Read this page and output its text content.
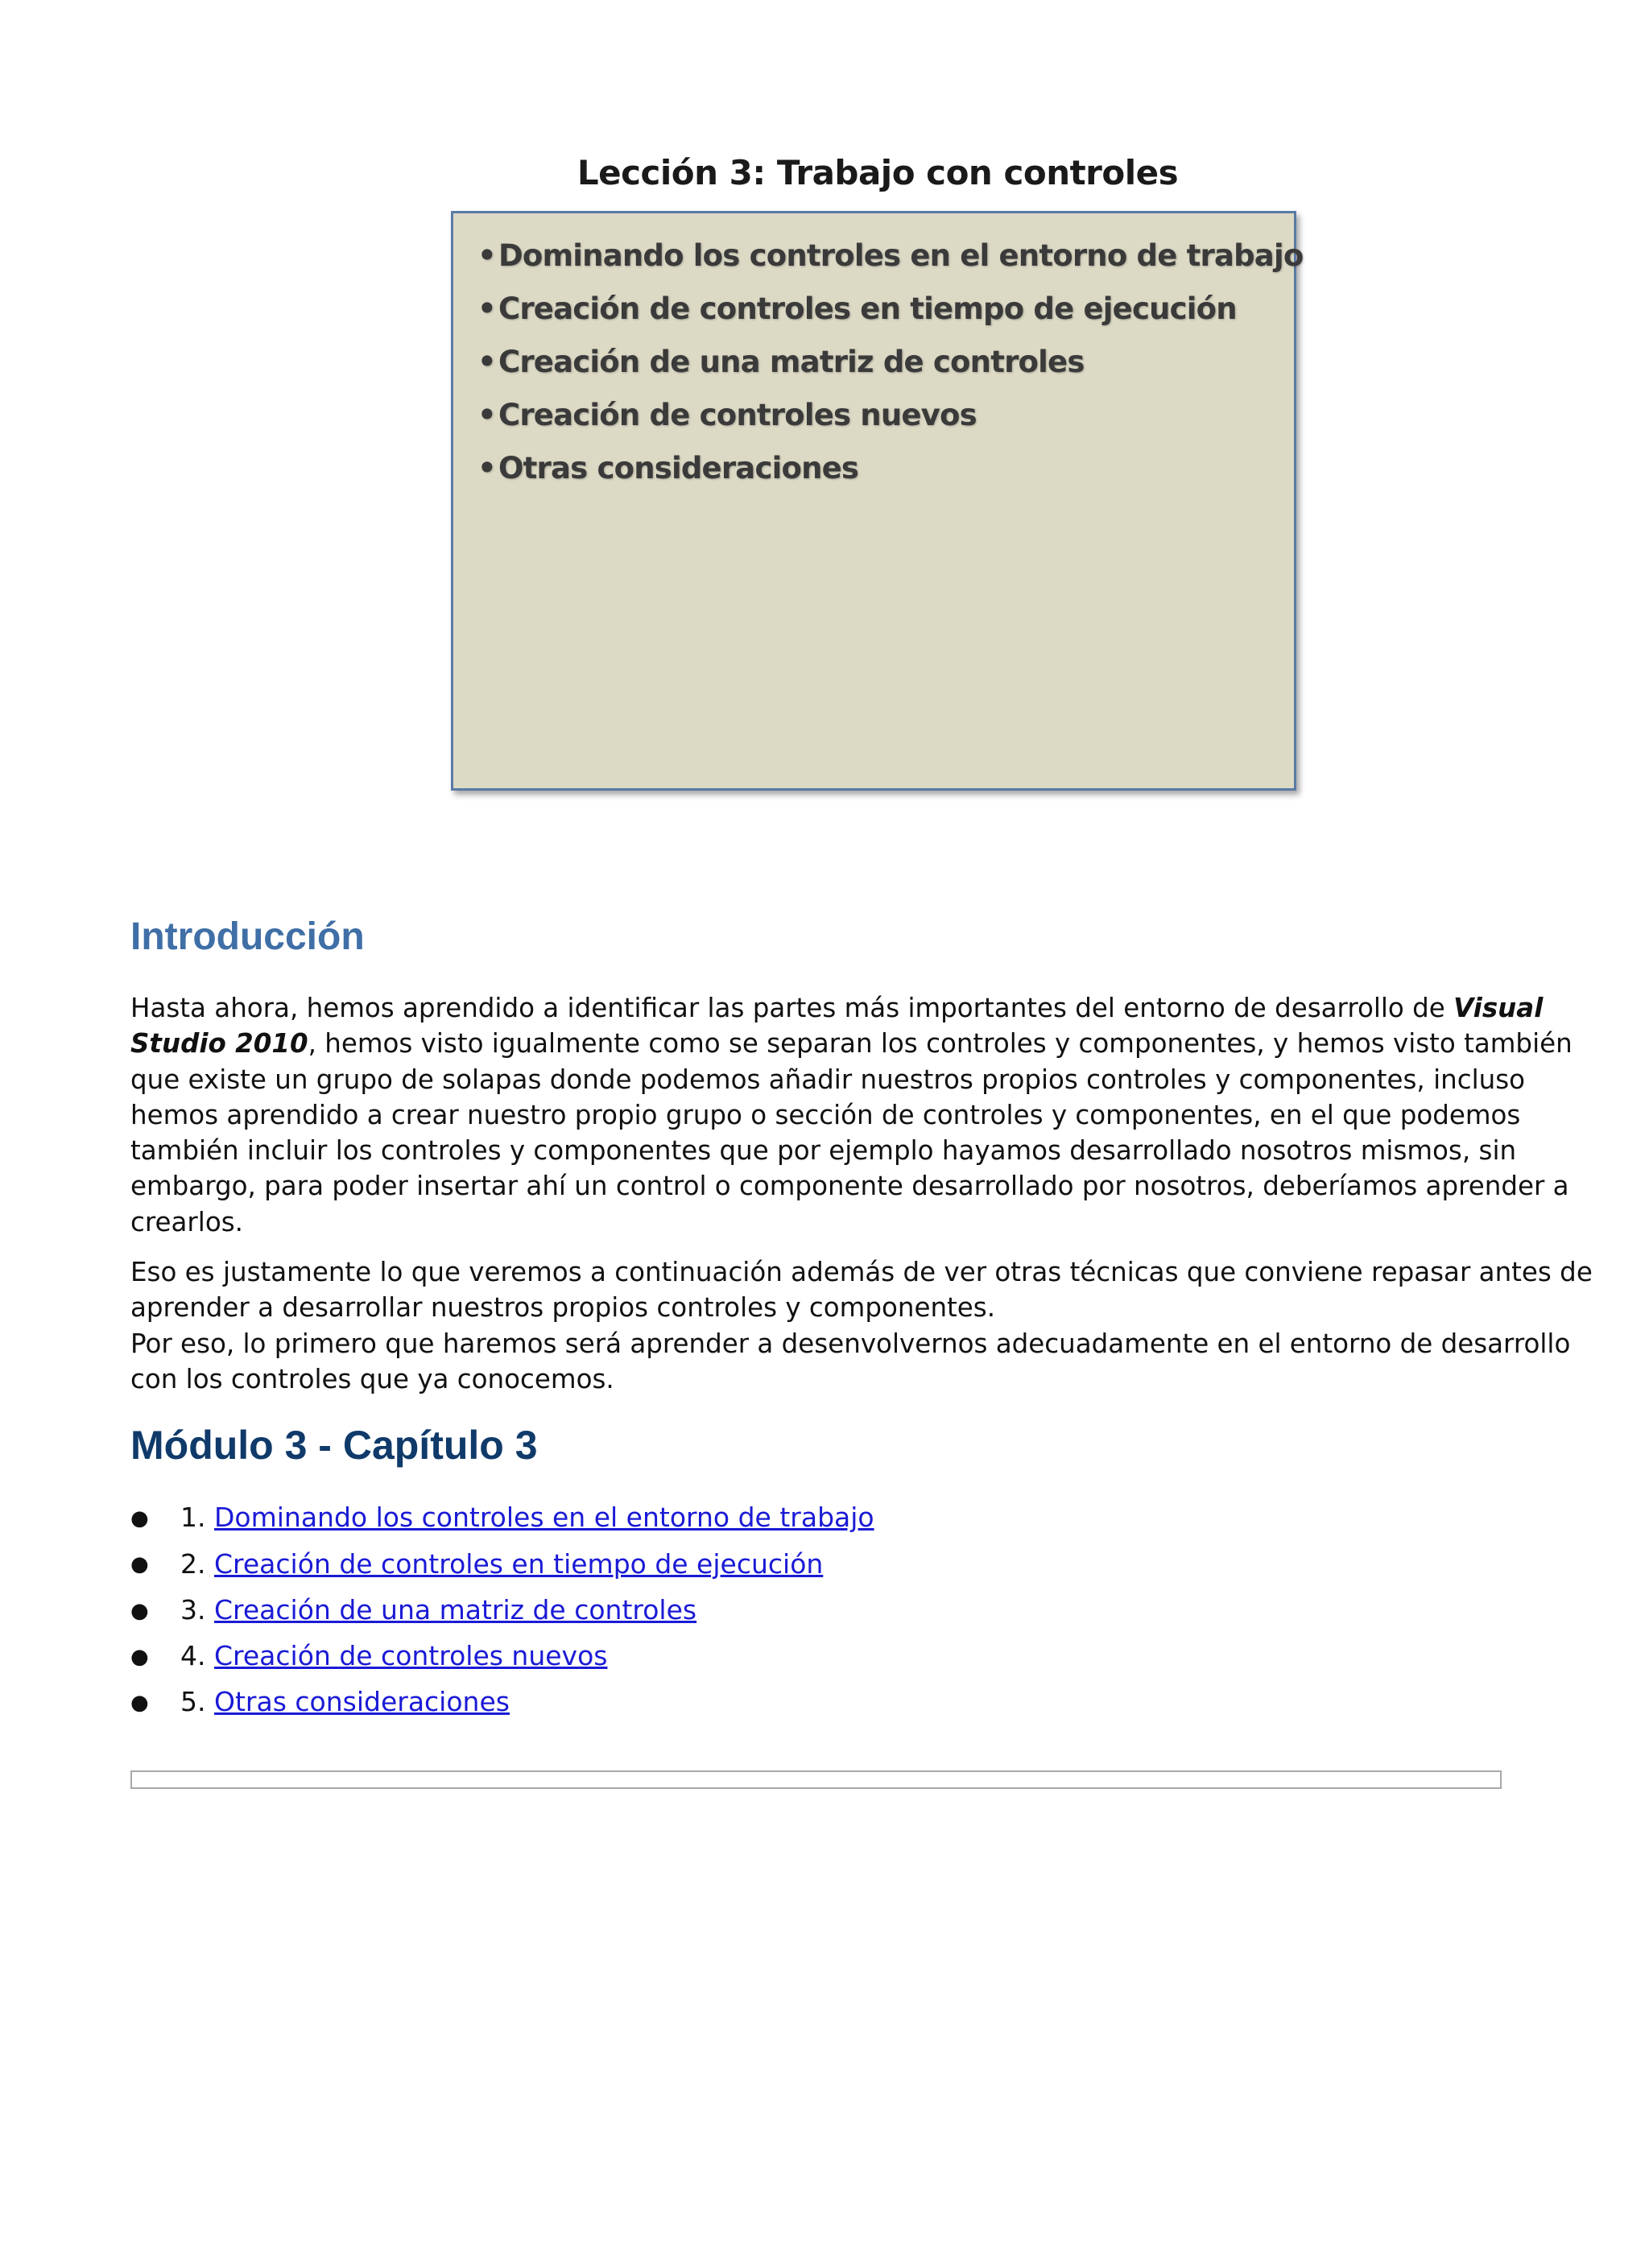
Lección 3: Trabajo con controles
•Dominando los controles en el entorno de trabajo
•Creación de controles en tiempo de ejecución
•Creación de una matriz de controles
•Creación de controles nuevos
•Otras consideraciones
Introducción

Hasta ahora, hemos aprendido a identificar las partes más importantes del entorno de desarrollo de Visual Studio 2010, hemos visto igualmente como se separan los controles y componentes, y hemos visto también que existe un grupo de solapas donde podemos añadir nuestros propios controles y componentes, incluso hemos aprendido a crear nuestro propio grupo o sección de controles y componentes, en el que podemos también incluir los controles y componentes que por ejemplo hayamos desarrollado nosotros mismos, sin embargo, para poder insertar ahí un control o componente desarrollado por nosotros, deberíamos aprender a crearlos.

Eso es justamente lo que veremos a continuación además de ver otras técnicas que conviene repasar antes de aprender a desarrollar nuestros propios controles y componentes.
Por eso, lo primero que haremos será aprender a desenvolvernos adecuadamente en el entorno de desarrollo con los controles que ya conocemos.

Módulo 3 - Capítulo 3
● 1. Dominando los controles en el entorno de trabajo
● 2. Creación de controles en tiempo de ejecución
● 3. Creación de una matriz de controles
● 4. Creación de controles nuevos
● 5. Otras consideraciones
